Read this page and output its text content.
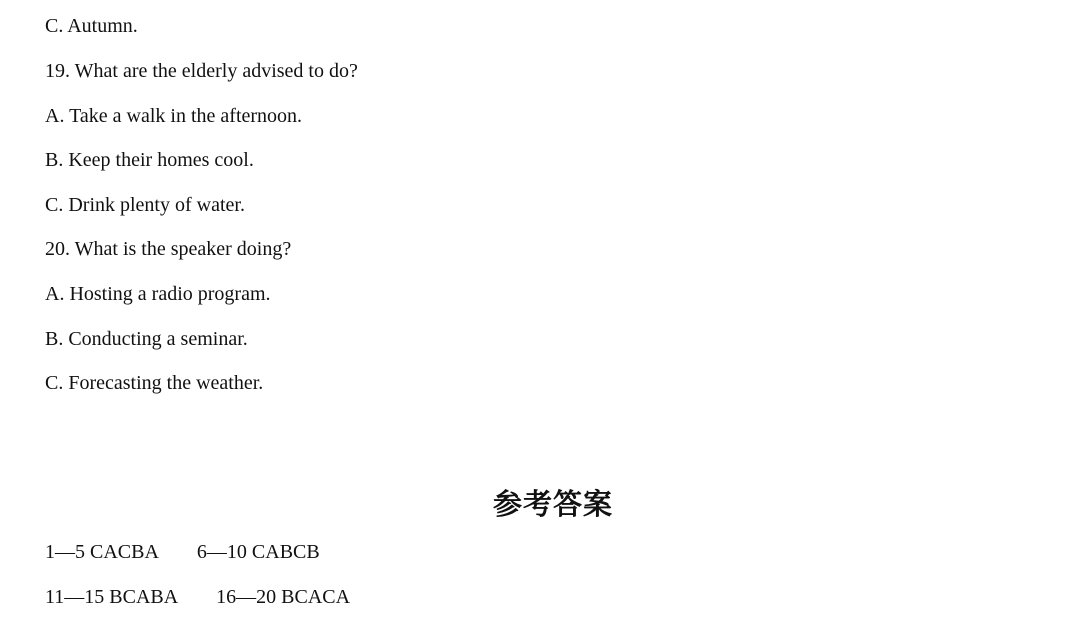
C. Autumn.
19. What are the elderly advised to do?
A. Take a walk in the afternoon.
B. Keep their homes cool.
C. Drink plenty of water.
20. What is the speaker doing?
A. Hosting a radio program.
B. Conducting a seminar.
C. Forecasting the weather.
参考答案
1—5 CACBA 6—10 CABCB
11—15 BCABA 16—20 BCACA
